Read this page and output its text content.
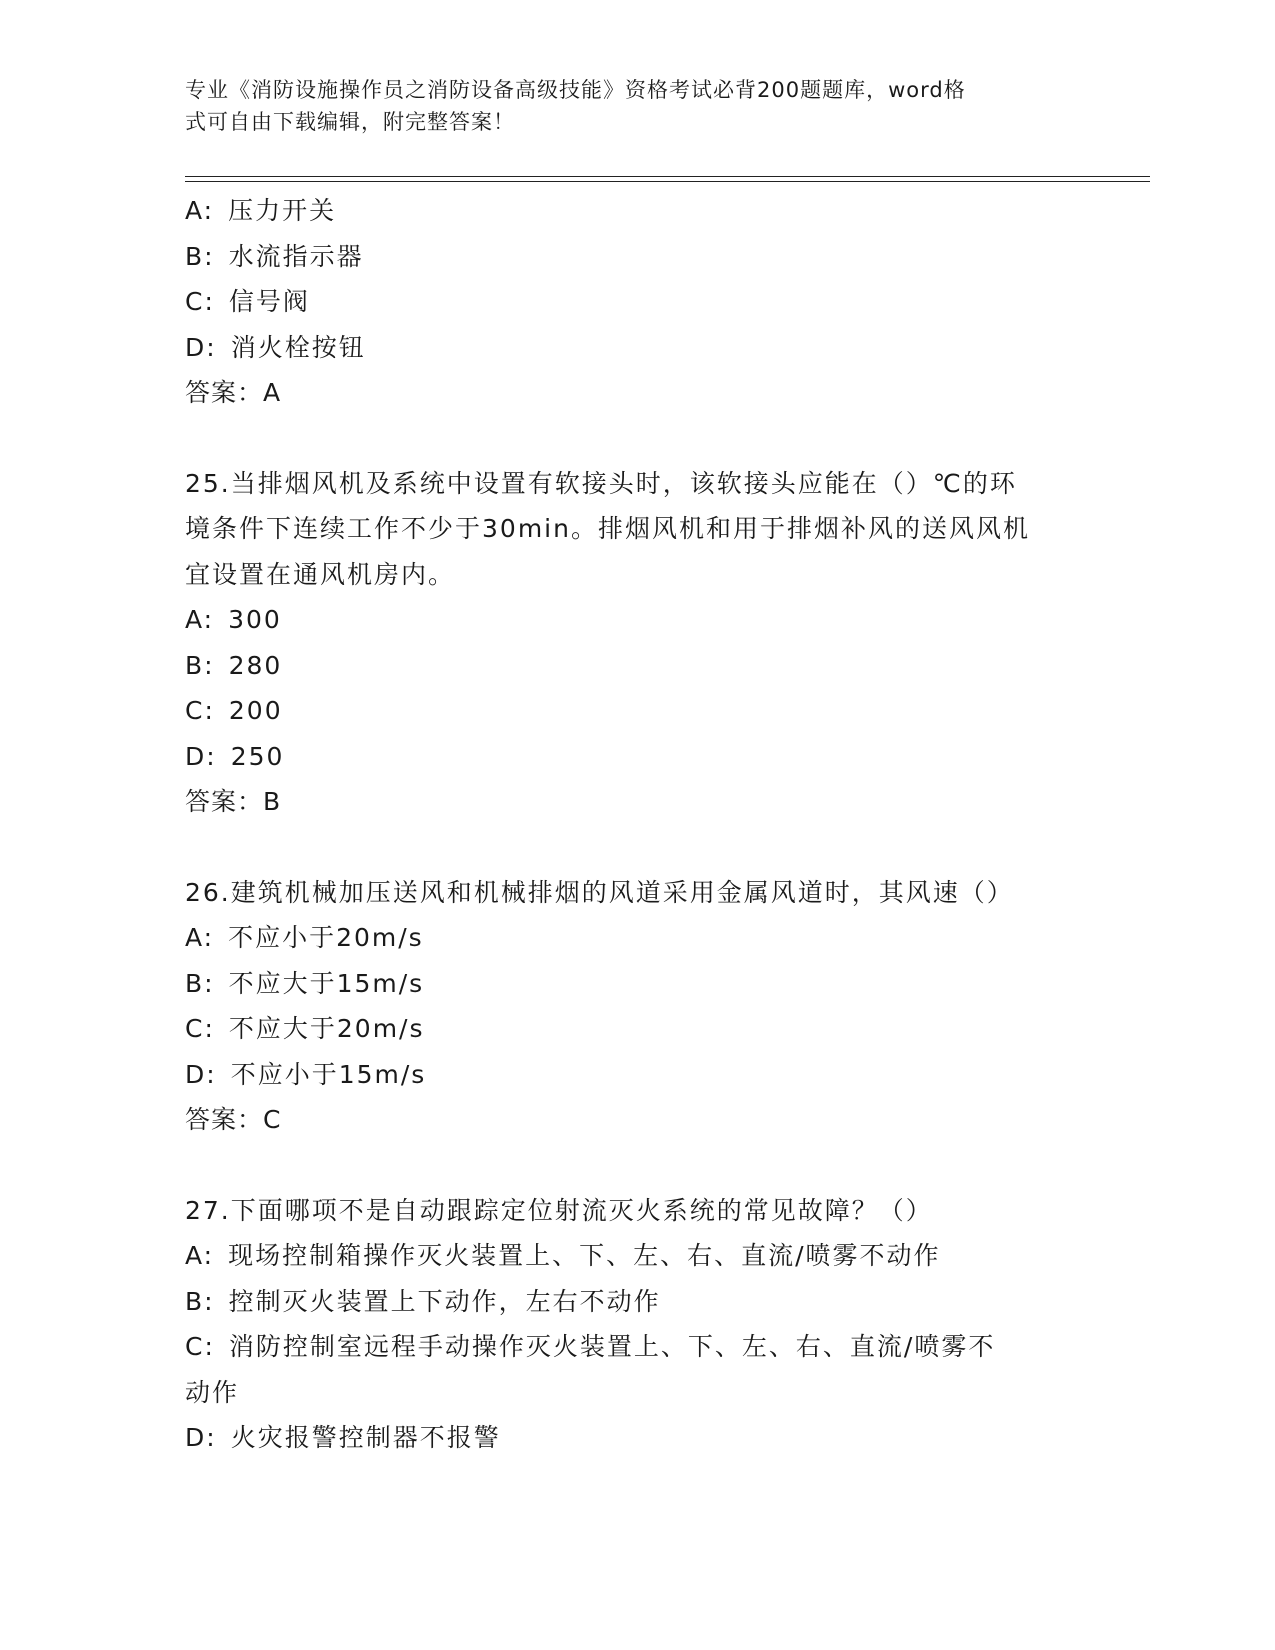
专业《消防设施操作员之消防设备高级技能》资格考试必背200题题库，word格
式可自由下载编辑，附完整答案！
A: 压力开关
B: 水流指示器
C: 信号阀
D: 消火栓按钮
答案：A
25.当排烟风机及系统中设置有软接头时，该软接头应能在（）℃的环
境条件下连续工作不少于30min。排烟风机和用于排烟补风的送风风机
宜设置在通风机房内。
A: 300
B: 280
C: 200
D: 250
答案：B
26.建筑机械加压送风和机械排烟的风道采用金属风道时，其风速（）
A: 不应小于20m/s
B: 不应大于15m/s
C: 不应大于20m/s
D: 不应小于15m/s
答案：C
27.下面哪项不是自动跟踪定位射流灭火系统的常见故障？（）
A: 现场控制箱操作灭火装置上、下、左、右、直流/喷雾不动作
B: 控制灭火装置上下动作，左右不动作
C: 消防控制室远程手动操作灭火装置上、下、左、右、直流/喷雾不
动作
D: 火灾报警控制器不报警
